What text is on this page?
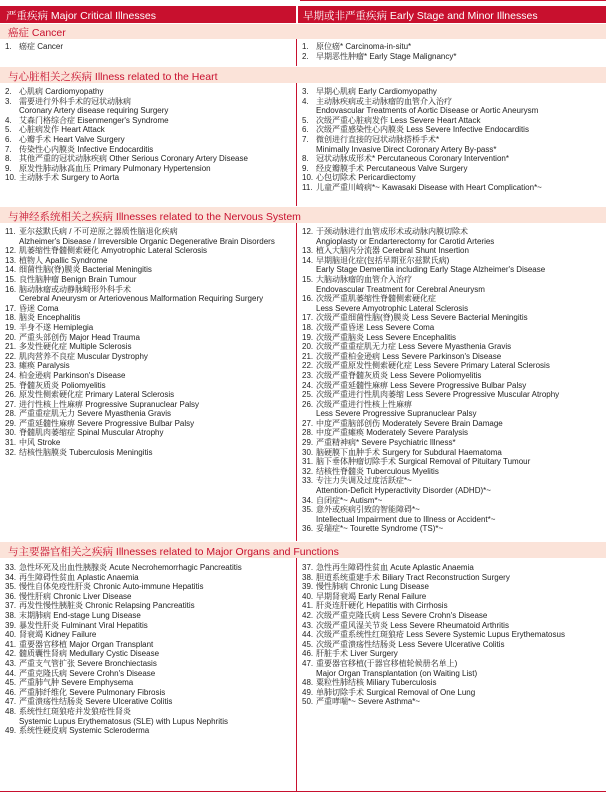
严重疾病 Major Critical Illnesses	早期或非严重疾病 Early Stage and Minor Illnesses
癌症 Cancer
1. 癌症 Cancer	1. 原位癌* Carcinoma-in-situ*
2. 早期恶性肿瘤* Early Stage Malignancy*
与心脏相关之疾病 Illness related to the Heart
2. 心肌病 Cardiomyopathy
3. 需要进行外科手术的冠状动脉病
Coronary Artery disease requiring Surgery
4. 艾森门格综合症 Eisenmenger's Syndrome
5. 心脏病发作 Heart Attack
6. 心瓣手术 Heart Valve Surgery
7. 传染性心内膜炎 Infective Endocarditis
8. 其他严重的冠状动脉疾病 Other Serious Coronary Artery Disease
9. 原发性肺动脉高血压 Primary Pulmonary Hypertension
10. 主动脉手术 Surgery to Aorta
3. 早期心肌病 Early Cardiomyopathy
4. 主动脉疾病或主动脉瘤的血管介入治疗
Endovascular Treatments of Aortic Disease or Aortic Aneurysm
5. 次级严重心脏病发作 Less Severe Heart Attack
6. 次级严重感染性心内膜炎 Less Severe Infective Endocarditis
7. 微创进行直接的冠状动脉搭桥手术*
Minimally Invasive Direct Coronary Artery By-pass*
8. 冠状动脉成形术* Percutaneous Coronary Intervention*
9. 经皮瓣膜手术 Percutaneous Valve Surgery
10. 心包切除术 Pericardiectomy
11. 儿童严重川崎病*~ Kawasaki Disease with Heart Complication*~
与神经系统相关之疾病 Illnesses related to the Nervous System
11. 亚尔兹默氏病 / 不可逆原之器质性脑退化疾病
Alzheimer's Disease / Irreversible Organic Degenerative Brain Disorders
12. 肌萎缩性脊髓侧索硬化 Amyotrophic Lateral Sclerosis
13. 植物人 Apallic Syndrome
14. 细菌性脑(脊)膜炎 Bacterial Meningitis
15. 良性脑肿瘤 Benign Brain Tumour
16. 脑动脉瘤或动静脉畸形外科手术
Cerebral Aneurysm or Arteriovenous Malformation Requiring Surgery
17. 昏迷 Coma
18. 脑炎 Encephalitis
19. 半身不遂 Hemiplegia
20. 严重头部创伤 Major Head Trauma
21. 多发性硬化症 Multiple Sclerosis
22. 肌肉营养不良症 Muscular Dystrophy
23. 瘫痪 Paralysis
24. 柏金逊病 Parkinson's Disease
25. 脊髓灰质炎 Poliomyelitis
26. 原发性侧索硬化症 Primary Lateral Sclerosis
27. 进行性核上性麻痹 Progressive Supranuclear Palsy
28. 严重重症肌无力 Severe Myasthenia Gravis
29. 严重延髓性麻痹 Severe Progressive Bulbar Palsy
30. 脊髓肌肉萎缩症 Spinal Muscular Atrophy
31. 中风 Stroke
32. 结核性脑膜炎 Tuberculosis Meningitis
12. 于颈动脉进行血管成形术或动脉内膜切除术
Angioplasty or Endarterectomy for Carotid Arteries
13. 植入大脑内分流器 Cerebral Shunt Insertion
14. 早期脑退化症(包括早期亚尔兹默氏病)
Early Stage Dementia including Early Stage Alzheimer's Disease
15. 大脑动脉瘤的血管介入治疗
Endovascular Treatment for Cerebral Aneurysm
16. 次级严重肌萎缩性脊髓侧索硬化症
Less Severe Amyotrophic Lateral Sclerosis
17. 次级严重细菌性脑(脊)膜炎 Less Severe Bacterial Meningitis
18. 次级严重昏迷 Less Severe Coma
19. 次级严重脑炎 Less Severe Encephalitis
20. 次级严重重症肌无力症 Less Severe Myasthenia Gravis
21. 次级严重柏金逊病 Less Severe Parkinson's Disease
22. 次级严重原发性侧索硬化症 Less Severe Primary Lateral Sclerosis
23. 次级严重脊髓灰质炎 Less Severe Poliomyelitis
24. 次级严重延髓性麻痹 Less Severe Progressive Bulbar Palsy
25. 次级严重进行性肌肉萎缩 Less Severe Progressive Muscular Atrophy
26. 次级严重进行性核上性麻痹
Less Severe Progressive Supranuclear Palsy
27. 中度严重脑部创伤 Moderately Severe Brain Damage
28. 中度严重瘫痪 Moderately Severe Paralysis
29. 严重精神病* Severe Psychiatric Illness*
30. 脑硬膜下血肿手术 Surgery for Subdural Haematoma
31. 脑下垂体肿瘤切除手术 Surgical Removal of Pituitary Tumour
32. 结核性脊髓炎 Tuberculous Myelitis
33. 专注力失调及过度活跃症*~
Attention-Deficit Hyperactivity Disorder (ADHD)*~
34. 自闭症*~ Autism*~
35. 意外或疾病引致的智能障碍*~
Intellectual Impairment due to Illness or Accident*~
36. 妥瑞症*~ Tourette Syndrome (TS)*~
与主要器官相关之疾病 Illnesses related to Major Organs and Functions
33. 急性坏死及出血性胰腺炎 Acute Necrohemorrhagic Pancreatitis
34. 再生障碍性贫血 Aplastic Anaemia
35. 慢性自体免疫性肝炎 Chronic Auto-immune Hepatitis
36. 慢性肝病 Chronic Liver Disease
37. 再发性慢性胰脏炎 Chronic Relapsing Pancreatitis
38. 末期肺病 End-stage Lung Disease
39. 暴发性肝炎 Fulminant Viral Hepatitis
40. 肾衰竭 Kidney Failure
41. 重要器官移植 Major Organ Transplant
42. 髓质囊性肾病 Medullary Cystic Disease
43. 严重支气管扩张 Severe Bronchiectasis
44. 严重克隆氏病 Severe Crohn's Disease
45. 严重肺气肿 Severe Emphysema
46. 严重肺纤维化 Severe Pulmonary Fibrosis
47. 严重溃疡性结肠炎 Severe Ulcerative Colitis
48. 系统性红斑狼疮并发狼疮性肾炎
Systemic Lupus Erythematosus (SLE) with Lupus Nephritis
49. 系统性硬皮病 Systemic Scleroderma
37. 急性再生障碍性贫血 Acute Aplastic Anaemia
38. 胆道系统重建手术 Biliary Tract Reconstruction Surgery
39. 慢性肺病 Chronic Lung Disease
40. 早期肾衰竭 Early Renal Failure
41. 肝炎连肝硬化 Hepatitis with Cirrhosis
42. 次级严重克隆氏病 Less Severe Crohn's Disease
43. 次级严重风湿关节炎 Less Severe Rheumatoid Arthritis
44. 次级严重系统性红斑狼疮 Less Severe Systemic Lupus Erythematosus
45. 次级严重溃疡性结肠炎 Less Severe Ulcerative Colitis
46. 肝脏手术 Liver Surgery
47. 重要器官移植(于器官移植轮候册名单上)
Major Organ Transplantation (on Waiting List)
48. 粟粒性肺结核 Miliary Tuberculosis
49. 单肺切除手术 Surgical Removal of One Lung
50. 严重哮喘*~ Severe Asthma*~
